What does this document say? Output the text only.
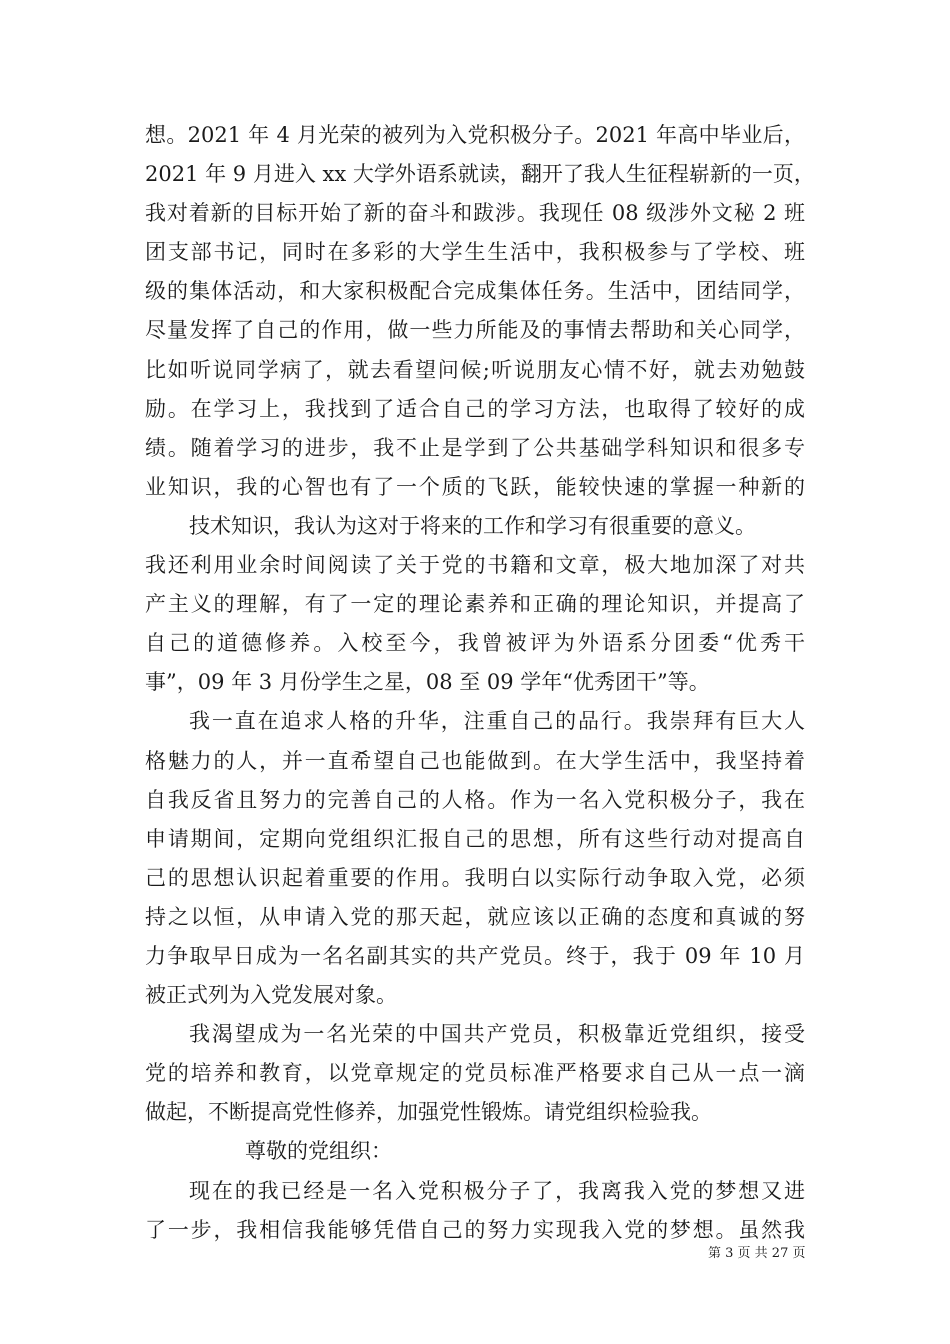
想。2021 年 4 月光荣的被列为入党积极分子。2021 年高中毕业后，
2021 年 9 月进入 xx 大学外语系就读，翻开了我人生征程崭新的一页，
我对着新的目标开始了新的奋斗和跋涉。我现任 08 级涉外文秘 2 班
团支部书记，同时在多彩的大学生生活中，我积极参与了学校、班
级的集体活动，和大家积极配合完成集体任务。生活中，团结同学，
尽量发挥了自己的作用，做一些力所能及的事情去帮助和关心同学，
比如听说同学病了，就去看望问候;听说朋友心情不好，就去劝勉鼓
励。在学习上，我找到了适合自己的学习方法，也取得了较好的成
绩。随着学习的进步，我不止是学到了公共基础学科知识和很多专
业知识，我的心智也有了一个质的飞跃，能较快速的掌握一种新的
技术知识，我认为这对于将来的工作和学习有很重要的意义。
我还利用业余时间阅读了关于党的书籍和文章，极大地加深了对共
产主义的理解，有了一定的理论素养和正确的理论知识，并提高了
自己的道德修养。入校至今，我曾被评为外语系分团委“优秀干
事”，09 年 3 月份学生之星，08 至 09 学年“优秀团干”等。
我一直在追求人格的升华，注重自己的品行。我崇拜有巨大人
格魅力的人，并一直希望自己也能做到。在大学生活中，我坚持着
自我反省且努力的完善自己的人格。作为一名入党积极分子，我在
申请期间，定期向党组织汇报自己的思想，所有这些行动对提高自
己的思想认识起着重要的作用。我明白以实际行动争取入党，必须
持之以恒，从申请入党的那天起，就应该以正确的态度和真诚的努
力争取早日成为一名名副其实的共产党员。终于，我于 09 年 10 月
被正式列为入党发展对象。
我渴望成为一名光荣的中国共产党员，积极靠近党组织，接受
党的培养和教育，以党章规定的党员标准严格要求自己从一点一滴
做起，不断提高党性修养，加强党性锻炼。请党组织检验我。
尊敬的党组织：
现在的我已经是一名入党积极分子了，我离我入党的梦想又进
了一步，我相信我能够凭借自己的努力实现我入党的梦想。虽然我
第 3 页 共 27 页
